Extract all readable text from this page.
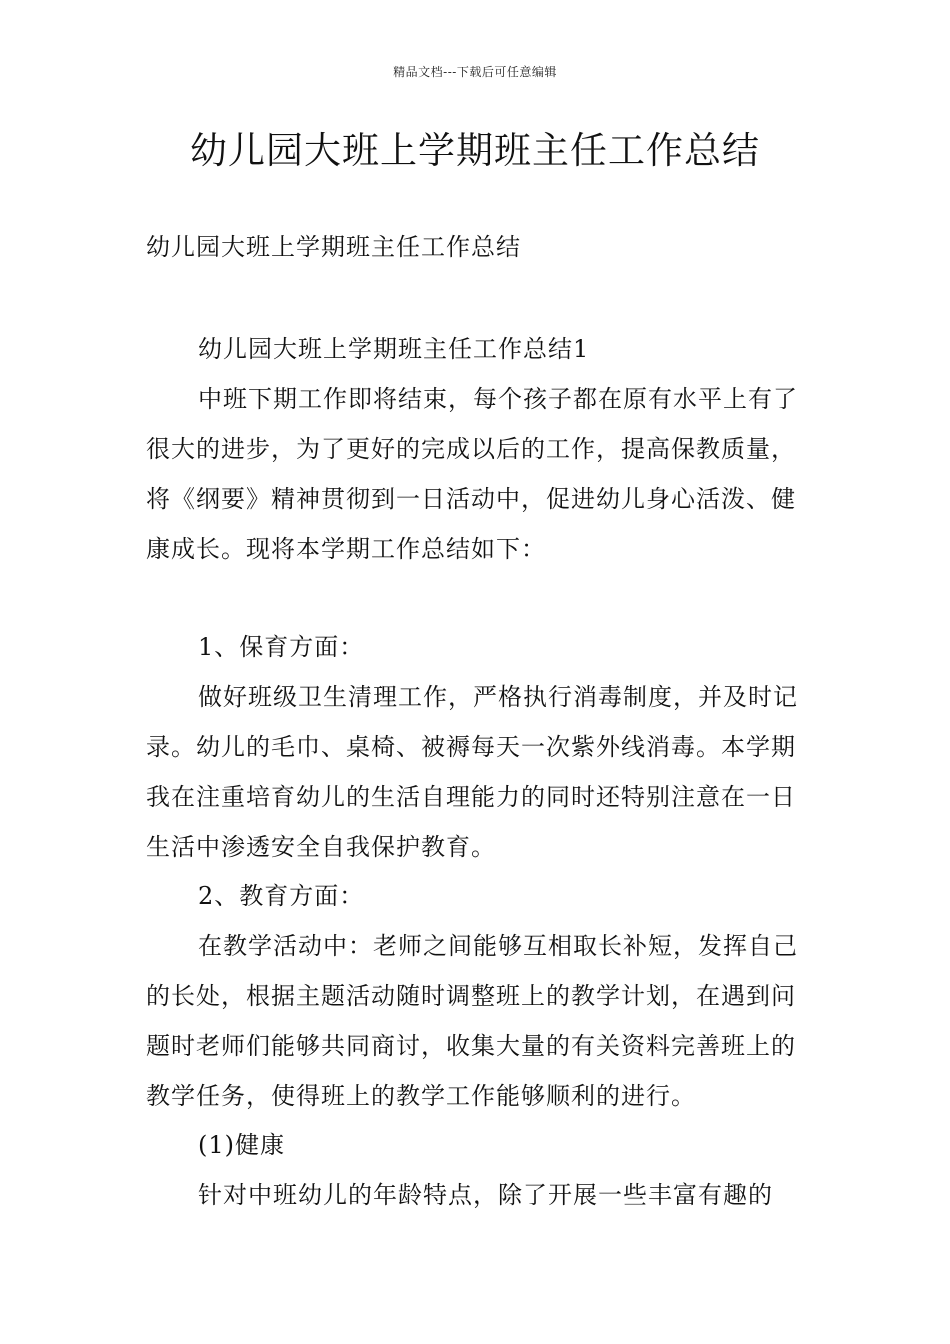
精品文档---下载后可任意编辑
幼儿园大班上学期班主任工作总结

幼儿园大班上学期班主任工作总结

幼儿园大班上学期班主任工作总结1

中班下期工作即将结束，每个孩子都在原有水平上有了很大的进步，为了更好的完成以后的工作，提高保教质量，将《纲要》精神贯彻到一日活动中，促进幼儿身心活泼、健康成长。现将本学期工作总结如下：

1、保育方面：

做好班级卫生清理工作，严格执行消毒制度，并及时记录。幼儿的毛巾、桌椅、被褥每天一次紫外线消毒。本学期我在注重培育幼儿的生活自理能力的同时还特别注意在一日生活中渗透安全自我保护教育。

2、教育方面：

在教学活动中：老师之间能够互相取长补短，发挥自己的长处，根据主题活动随时调整班上的教学计划，在遇到问题时老师们能够共同商讨，收集大量的有关资料完善班上的教学任务，使得班上的教学工作能够顺利的进行。

(1)健康

针对中班幼儿的年龄特点，除了开展一些丰富有趣的
